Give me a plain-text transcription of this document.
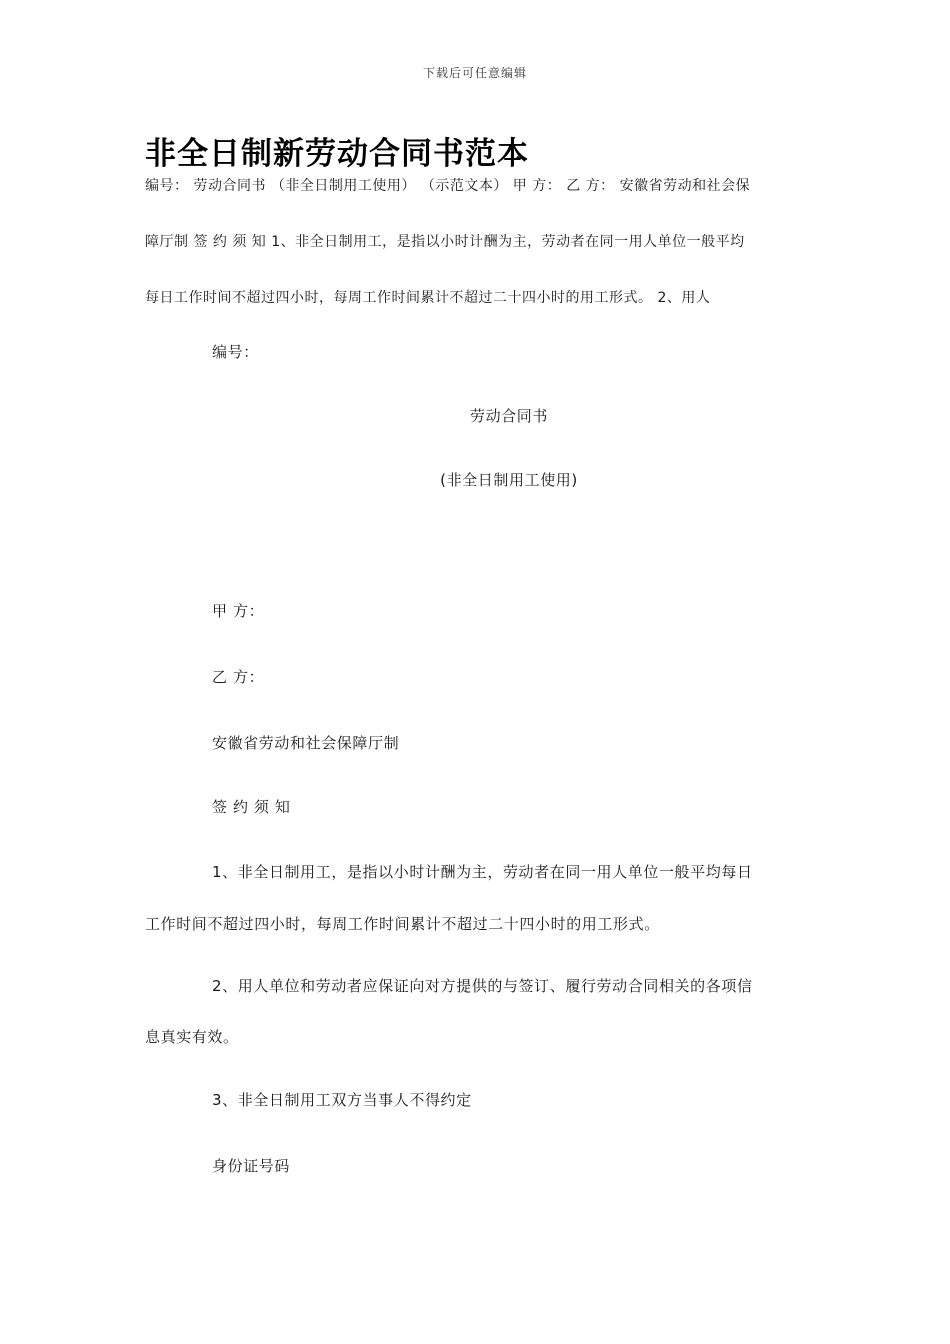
下载后可任意编辑
非全日制新劳动合同书范本

编号： 劳动合同书 （非全日制用工使用） （示范文本） 甲 方： 乙 方： 安徽省劳动和社会保

障厅制 签 约 须 知 1、非全日制用工，是指以小时计酬为主，劳动者在同一用人单位一般平均

每日工作时间不超过四小时，每周工作时间累计不超过二十四小时的用工形式。 2、用人

编号：
劳动合同书
(非全日制用工使用)
甲 方：
乙 方：
安徽省劳动和社会保障厅制
签 约 须 知
1、非全日制用工，是指以小时计酬为主，劳动者在同一用人单位一般平均每日
工作时间不超过四小时，每周工作时间累计不超过二十四小时的用工形式。
2、用人单位和劳动者应保证向对方提供的与签订、履行劳动合同相关的各项信
息真实有效。
3、非全日制用工双方当事人不得约定
身份证号码
